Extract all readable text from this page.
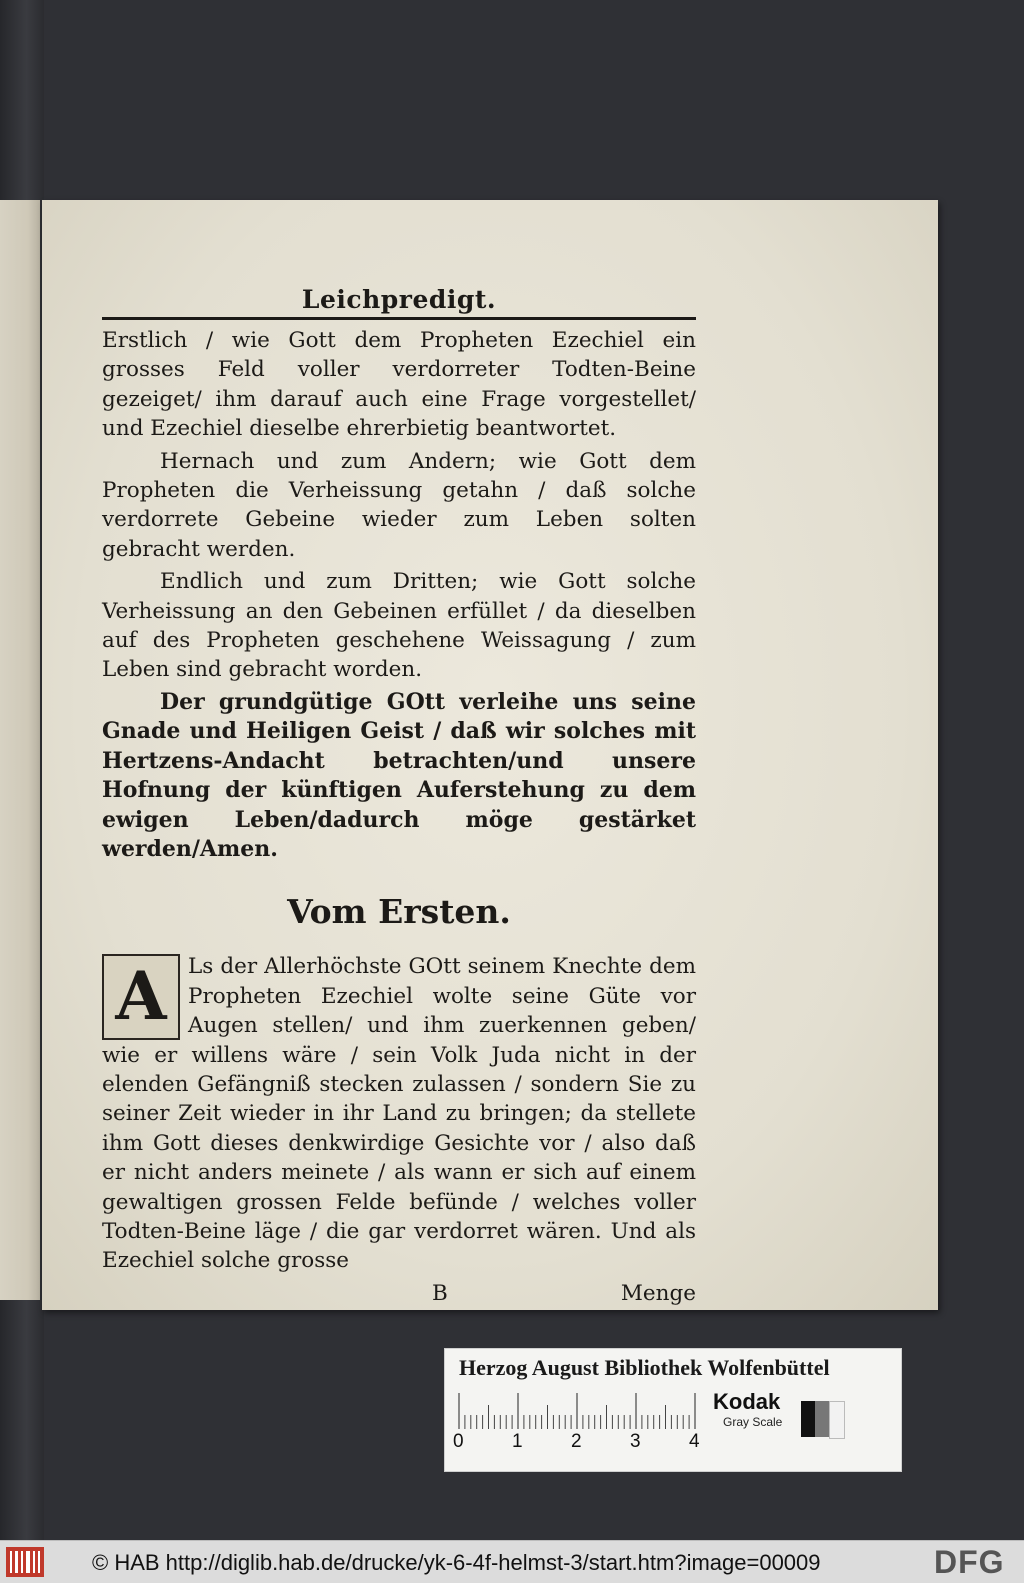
Leichpredigt.

Erstlich / wie Gott dem Propheten Ezechiel ein grosses Feld voller verdorreter Todten-Beine gezeiget/ ihm darauf auch eine Frage vorgestellet/ und Ezechiel dieselbe ehrerbietig beantwortet.

Hernach und zum Andern; wie Gott dem Propheten die Verheissung getahn / daß solche verdorrete Gebeine wieder zum Leben solten gebracht werden.

Endlich und zum Dritten; wie Gott solche Verheissung an den Gebeinen erfüllet / da dieselben auf des Propheten geschehene Weissagung / zum Leben sind gebracht worden.

Der grundgütige GOtt verleihe uns seine Gnade und Heiligen Geist / daß wir solches mit Hertzens-Andacht betrachten/und unsere Hofnung der künftigen Auferstehung zu dem ewigen Leben/dadurch möge gestärket werden/Amen.

Vom Ersten.
A Ls der Allerhöchste GOtt seinem Knechte dem Propheten Ezechiel wolte seine Güte vor Augen stellen/ und ihm zuerkennen geben/ wie er willens wäre / sein Volk Juda nicht in der elenden Gefängniß stecken zulassen / sondern Sie zu seiner Zeit wieder in ihr Land zu bringen; da stellete ihm Gott dieses denkwirdige Gesichte vor / also daß er nicht anders meinete / als wann er sich auf einem gewaltigen grossen Felde befünde / welches voller Todten-Beine läge / die gar verdorret wären. Und als Ezechiel solche grosse

B	Menge
Herzog August Bibliothek Wolfenbüttel
0	1	2	3	4
Kodak
Gray Scale
© HAB http://diglib.hab.de/drucke/yk-6-4f-helmst-3/start.htm?image=00009	DFG
